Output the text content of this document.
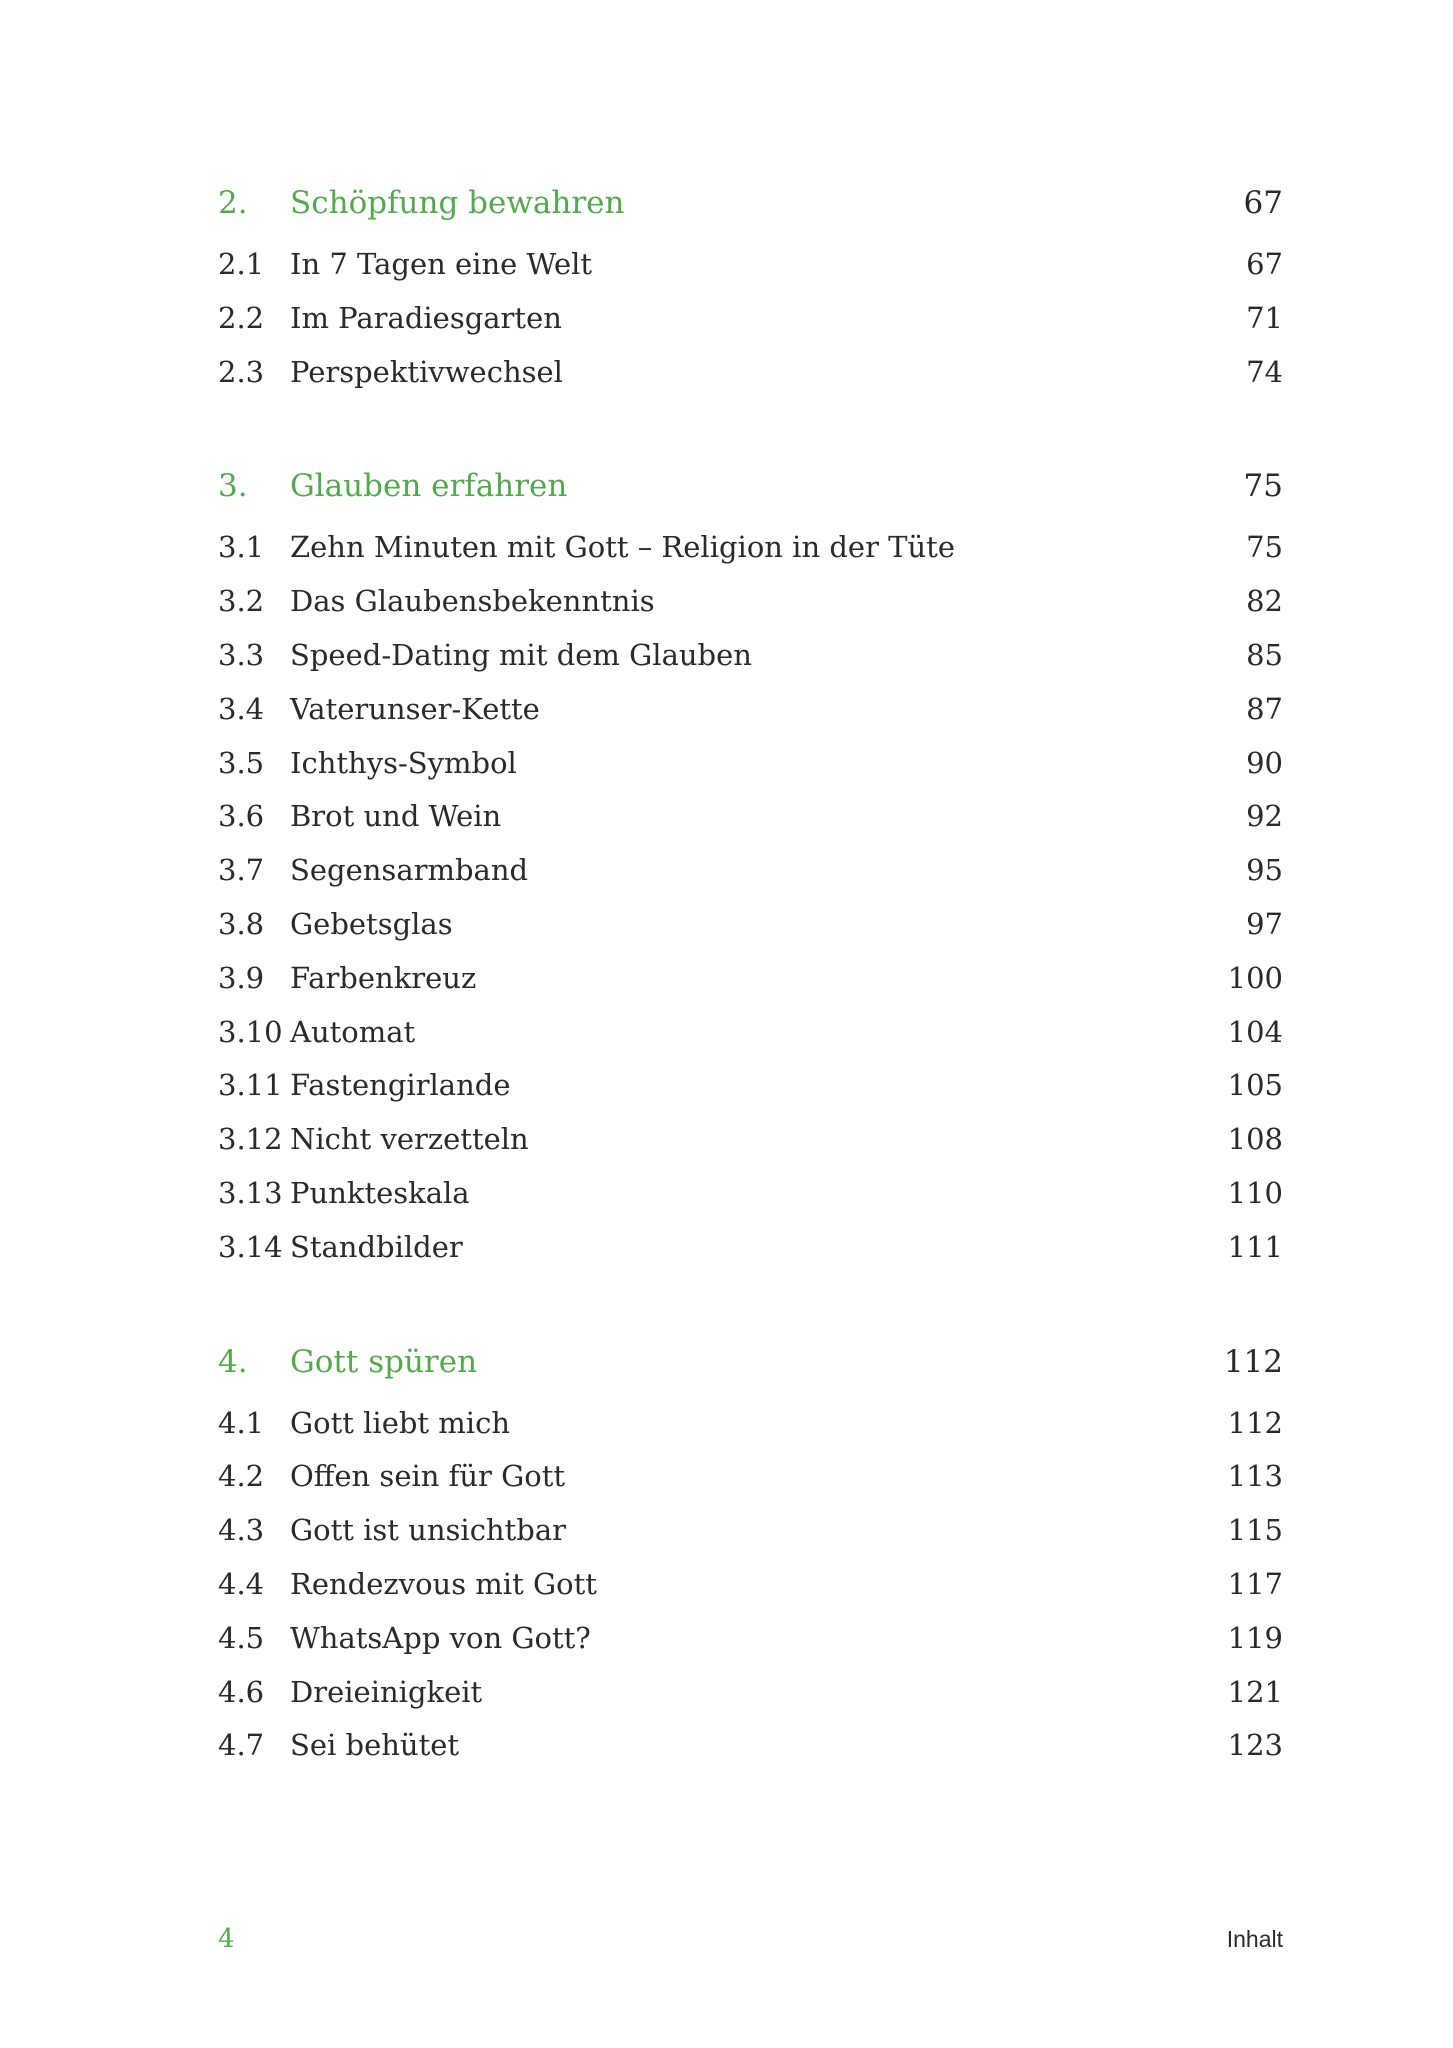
2.	Schöpfung bewahren	67
2.1 In 7 Tagen eine Welt	67
2.2 Im Paradiesgarten	71
2.3 Perspektivwechsel	74
3.	Glauben erfahren	75
3.1 Zehn Minuten mit Gott – Religion in der Tüte	75
3.2 Das Glaubensbekenntnis	82
3.3 Speed-Dating mit dem Glauben	85
3.4 Vaterunser-Kette	87
3.5 Ichthys-Symbol	90
3.6 Brot und Wein	92
3.7 Segensarmband	95
3.8 Gebetsglas	97
3.9 Farbenkreuz	100
3.10 Automat	104
3.11 Fastengirlande	105
3.12 Nicht verzetteln	108
3.13 Punkteskala	110
3.14 Standbilder	111
4.	Gott spüren	112
4.1 Gott liebt mich	112
4.2 Offen sein für Gott	113
4.3 Gott ist unsichtbar	115
4.4 Rendezvous mit Gott	117
4.5 WhatsApp von Gott?	119
4.6 Dreieinigkeit	121
4.7 Sei behütet	123
4	Inhalt
